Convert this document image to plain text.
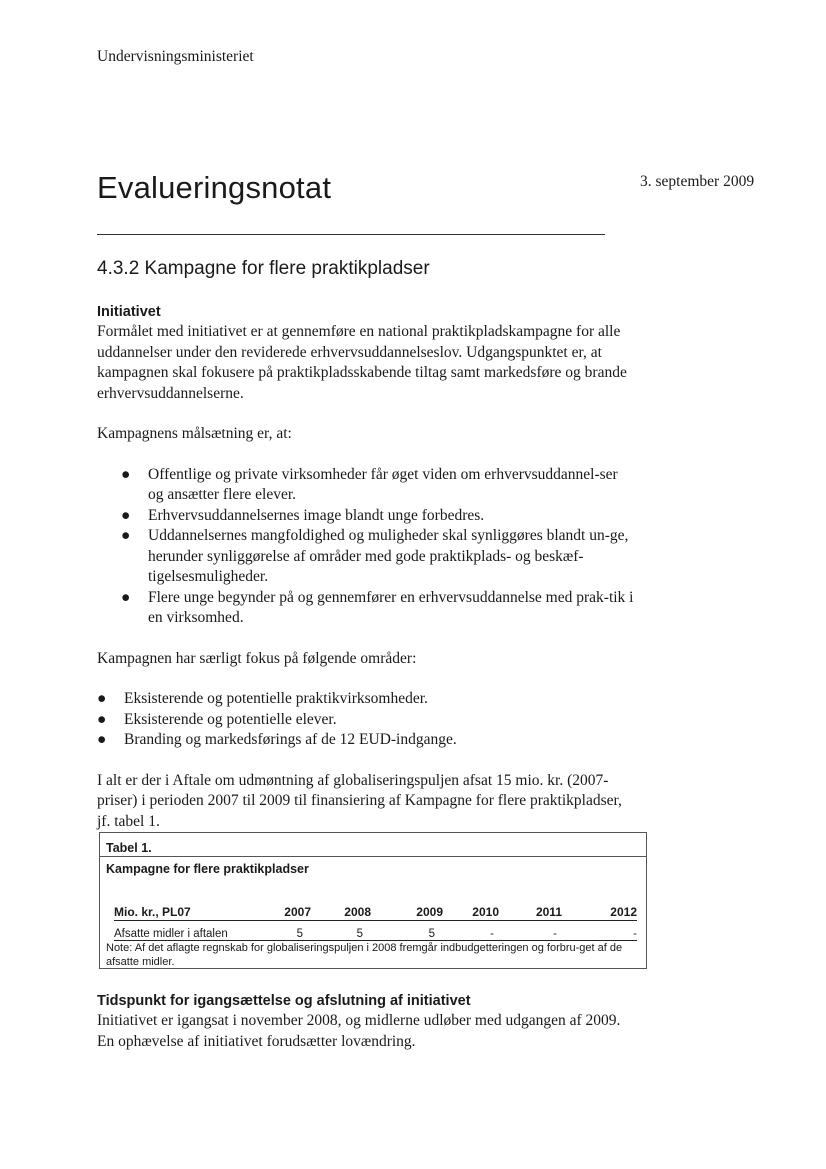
Undervisningsministeriet
Evalueringsnotat	3. september 2009
4.3.2 Kampagne for flere praktikpladser
Initiativet

Formålet med initiativet er at gennemføre en national praktikpladskampagne for alle uddannelser under den reviderede erhvervsuddannelseslov. Udgangspunktet er, at kampagnen skal fokusere på praktikpladsskabende tiltag samt markedsføre og brande erhvervsuddannelserne.

Kampagnens målsætning er, at:

● Offentlige og private virksomheder får øget viden om erhvervsuddannel-ser og ansætter flere elever.
● Erhvervsuddannelsernes image blandt unge forbedres.
● Uddannelsernes mangfoldighed og muligheder skal synliggøres blandt un-ge, herunder synliggørelse af områder med gode praktikplads- og beskæf-tigelsesmuligheder.
● Flere unge begynder på og gennemfører en erhvervsuddannelse med prak-tik i en virksomhed.

Kampagnen har særligt fokus på følgende områder:

● Eksisterende og potentielle praktikvirksomheder.
● Eksisterende og potentielle elever.
● Branding og markedsførings af de 12 EUD-indgange.

I alt er der i Aftale om udmøntning af globaliseringspuljen afsat 15 mio. kr. (2007-priser) i perioden 2007 til 2009 til finansiering af Kampagne for flere praktikpladser, jf. tabel 1.

Tabel 1.
Kampagne for flere praktikpladser
Mio. kr., PL07	2007	2008	2009 2010	2011	2012
Afsatte midler i aftalen	5	5	5	-	-	-
Note: Af det aflagte regnskab for globaliseringspuljen i 2008 fremgår indbudgetteringen og forbru-get af de afsatte midler.
Tidspunkt for igangsættelse og afslutning af initiativet

Initiativet er igangsat i november 2008, og midlerne udløber med udgangen af 2009. En ophævelse af initiativet forudsætter lovændring.
